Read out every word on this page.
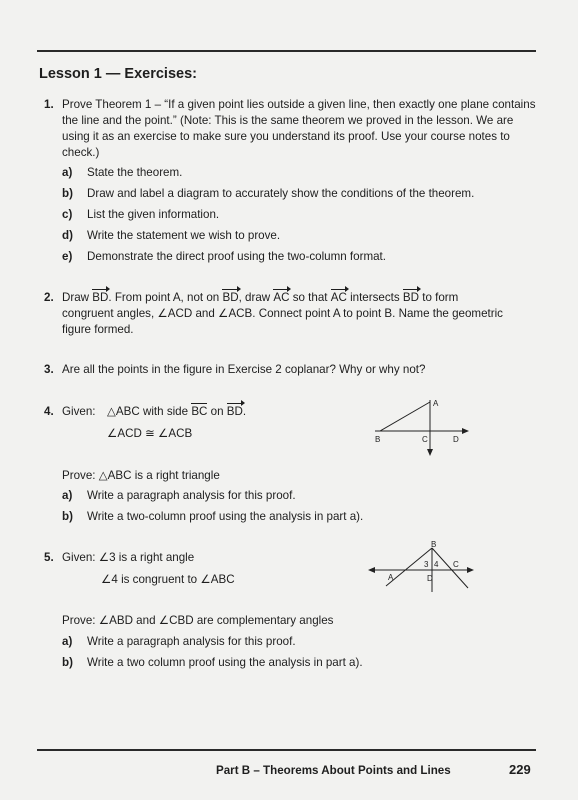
Lesson 1 — Exercises:
1. Prove Theorem 1 – “If a given point lies outside a given line, then exactly one plane contains the line and the point.” (Note: This is the same theorem we proved in the lesson. We are using it as an exercise to make sure you understand its proof. Use your course notes to check.)
a) State the theorem.
b) Draw and label a diagram to accurately show the conditions of the theorem.
c) List the given information.
d) Write the statement we wish to prove.
e) Demonstrate the direct proof using the two-column format.
2. Draw BD. From point A, not on BD, draw AC so that AC intersects BD to form
congruent angles, ∠ACD and ∠ACB. Connect point A to point B. Name the geometric
figure formed.
3. Are all the points in the figure in Exercise 2 coplanar? Why or why not?
4. Given: △ABC with side BC on BD.
∠ACD ≅ ∠ACB
Prove: △ABC is a right triangle
a) Write a paragraph analysis for this proof.
b) Write a two-column proof using the analysis in part a).
A
B	C	D
5. Given: ∠3 is a right angle
∠4 is congruent to ∠ABC
Prove: ∠ABD and ∠CBD are complementary angles
a) Write a paragraph analysis for this proof.
b) Write a two column proof using the analysis in part a).
B
A	D
C
3 4
Part B – Theorems About Points and Lines	229
